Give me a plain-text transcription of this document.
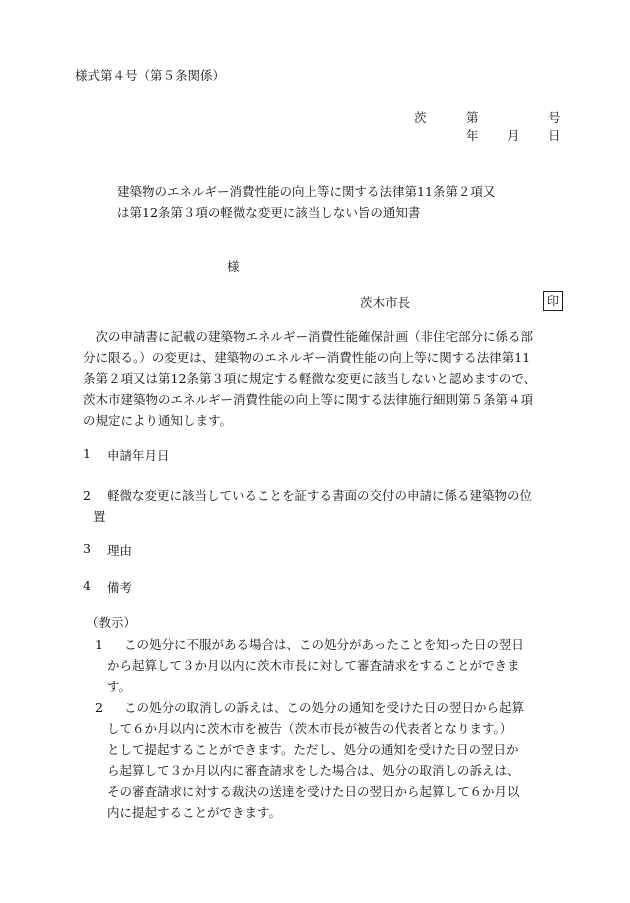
様式第４号（第５条関係）
茨	第	号
年 月 日
建築物のエネルギー消費性能の向上等に関する法律第11条第２項又
は第12条第３項の軽微な変更に該当しない旨の通知書
様
茨木市長	印
　次の申請書に記載の建築物エネルギー消費性能確保計画（非住宅部分に係る部
分に限る。）の変更は、建築物のエネルギー消費性能の向上等に関する法律第11
条第２項又は第12条第３項に規定する軽微な変更に該当しないと認めますので、
茨木市建築物のエネルギー消費性能の向上等に関する法律施行細則第５条第４項
の規定により通知します。
1 申請年月日
2 軽微な変更に該当していることを証する書面の交付の申請に係る建築物の位
置
3 理由
4 備考
（教示）
1 この処分に不服がある場合は、この処分があったことを知った日の翌日
から起算して３か月以内に茨木市長に対して審査請求をすることができま
す。
2 この処分の取消しの訴えは、この処分の通知を受けた日の翌日から起算
して６か月以内に茨木市を被告（茨木市長が被告の代表者となります。）
として提起することができます。ただし、処分の通知を受けた日の翌日か
ら起算して３か月以内に審査請求をした場合は、処分の取消しの訴えは、
その審査請求に対する裁決の送達を受けた日の翌日から起算して６か月以
内に提起することができます。
